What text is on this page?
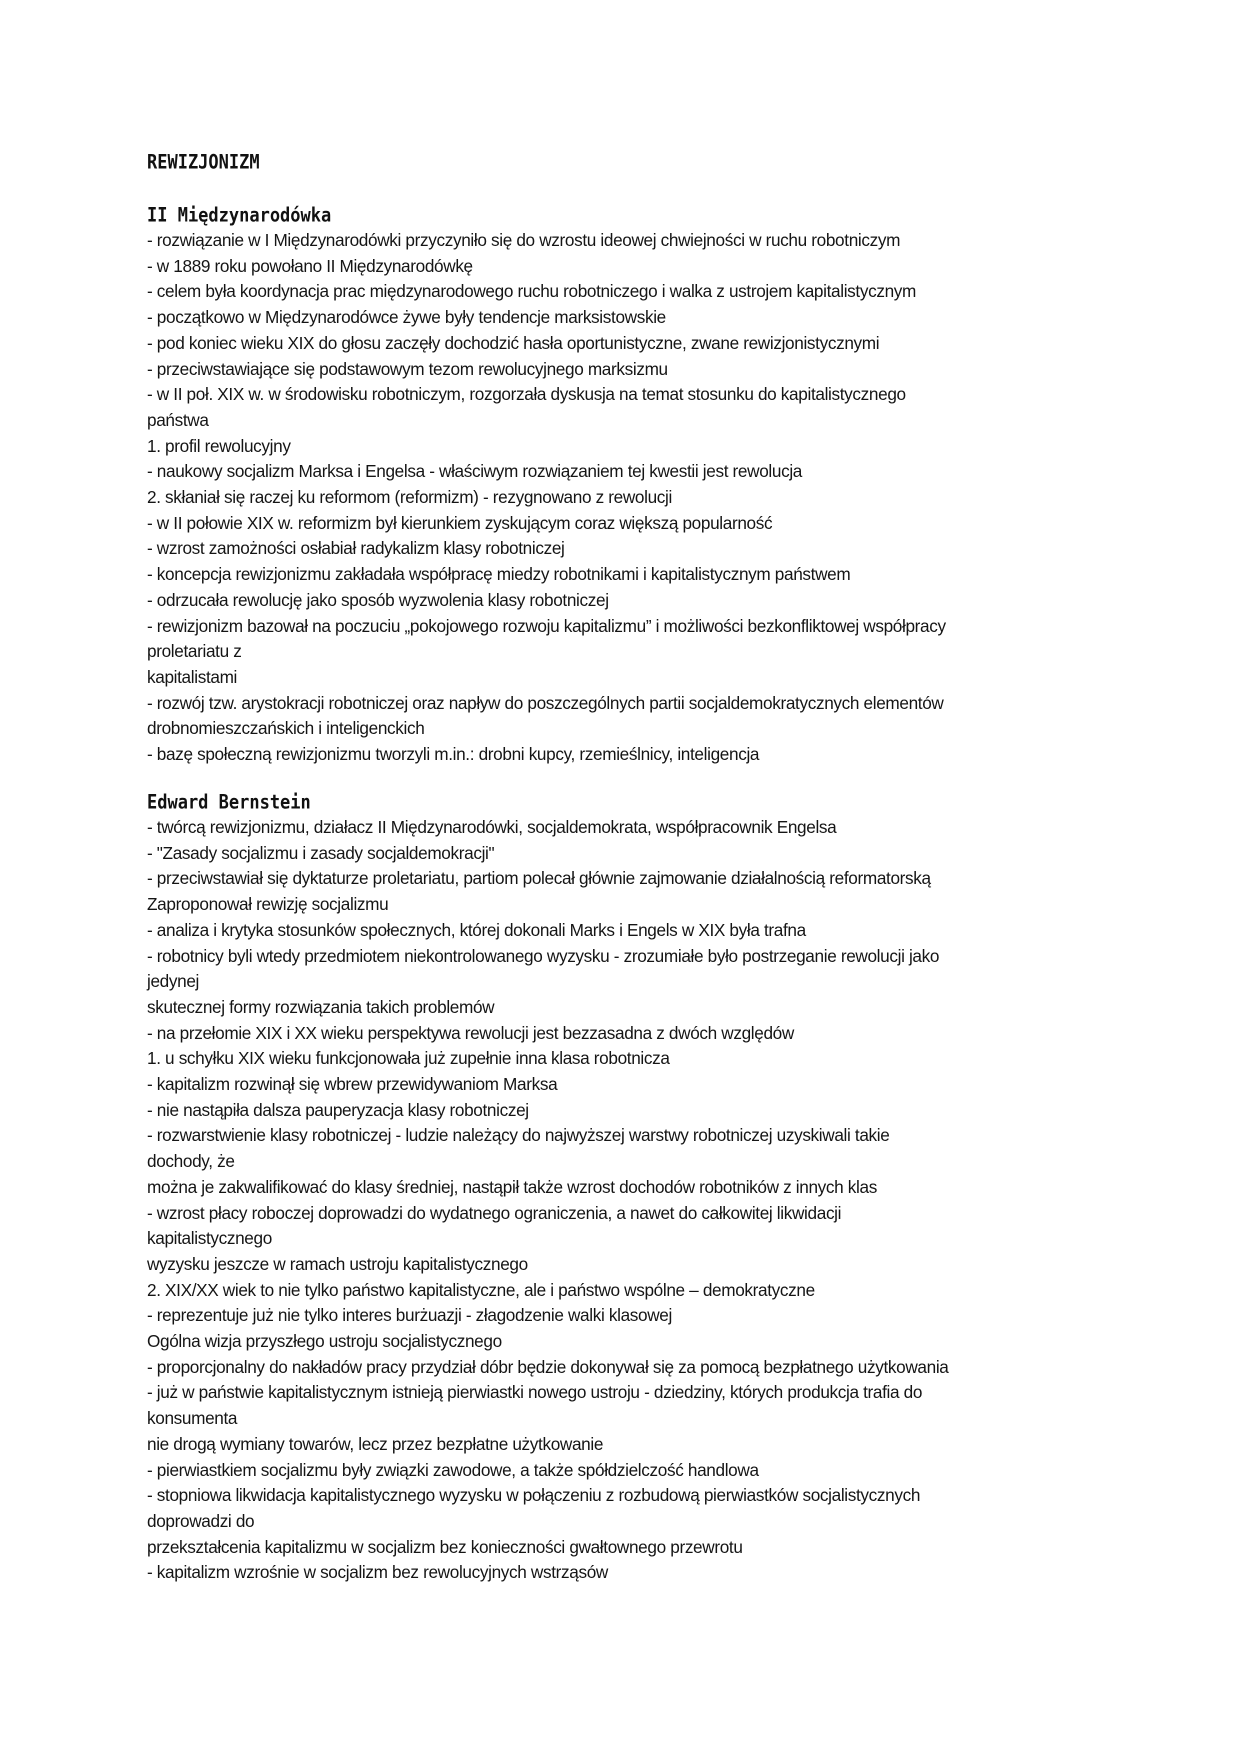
REWIZJONIZM
II Międzynarodówka
- rozwiązanie w I Międzynarodówki przyczyniło się do wzrostu ideowej chwiejności w ruchu robotniczym
- w 1889 roku powołano II Międzynarodówkę
- celem była koordynacja prac międzynarodowego ruchu robotniczego i walka z ustrojem kapitalistycznym
- początkowo w Międzynarodówce żywe były tendencje marksistowskie
- pod koniec wieku XIX do głosu zaczęły dochodzić hasła oportunistyczne, zwane rewizjonistycznymi
- przeciwstawiające się podstawowym tezom rewolucyjnego marksizmu
- w II poł. XIX w. w środowisku robotniczym, rozgorzała dyskusja na temat stosunku do kapitalistycznego
państwa
1. profil rewolucyjny
- naukowy socjalizm Marksa i Engelsa - właściwym rozwiązaniem tej kwestii jest rewolucja
2. skłaniał się raczej ku reformom (reformizm) - rezygnowano z rewolucji
- w II połowie XIX w. reformizm był kierunkiem zyskującym coraz większą popularność
- wzrost zamożności osłabiał radykalizm klasy robotniczej
- koncepcja rewizjonizmu zakładała współpracę miedzy robotnikami i kapitalistycznym państwem
- odrzucała rewolucję jako sposób wyzwolenia klasy robotniczej
- rewizjonizm bazował na poczuciu „pokojowego rozwoju kapitalizmu” i możliwości bezkonfliktowej współpracy
proletariatu z
kapitalistami
- rozwój tzw. arystokracji robotniczej oraz napływ do poszczególnych partii socjaldemokratycznych elementów
drobnomieszczańskich i inteligenckich
- bazę społeczną rewizjonizmu tworzyli m.in.: drobni kupcy, rzemieślnicy, inteligencja
Edward Bernstein
- twórcą rewizjonizmu, działacz II Międzynarodówki, socjaldemokrata, współpracownik Engelsa
- "Zasady socjalizmu i zasady socjaldemokracji"
- przeciwstawiał się dyktaturze proletariatu, partiom polecał głównie zajmowanie działalnością reformatorską
Zaproponował rewizję socjalizmu
- analiza i krytyka stosunków społecznych, której dokonali Marks i Engels w XIX była trafna
- robotnicy byli wtedy przedmiotem niekontrolowanego wyzysku - zrozumiałe było postrzeganie rewolucji jako
jedynej
skutecznej formy rozwiązania takich problemów
- na przełomie XIX i XX wieku perspektywa rewolucji jest bezzasadna z dwóch względów
1. u schyłku XIX wieku funkcjonowała już zupełnie inna klasa robotnicza
- kapitalizm rozwinął się wbrew przewidywaniom Marksa
- nie nastąpiła dalsza pauperyzacja klasy robotniczej
- rozwarstwienie klasy robotniczej - ludzie należący do najwyższej warstwy robotniczej uzyskiwali takie
dochody, że
można je zakwalifikować do klasy średniej, nastąpił także wzrost dochodów robotników z innych klas
- wzrost płacy roboczej doprowadzi do wydatnego ograniczenia, a nawet do całkowitej likwidacji
kapitalistycznego
wyzysku jeszcze w ramach ustroju kapitalistycznego
2. XIX/XX wiek to nie tylko państwo kapitalistyczne, ale i państwo wspólne – demokratyczne
- reprezentuje już nie tylko interes burżuazji - złagodzenie walki klasowej
Ogólna wizja przyszłego ustroju socjalistycznego
- proporcjonalny do nakładów pracy przydział dóbr będzie dokonywał się za pomocą bezpłatnego użytkowania
- już w państwie kapitalistycznym istnieją pierwiastki nowego ustroju - dziedziny, których produkcja trafia do
konsumenta
nie drogą wymiany towarów, lecz przez bezpłatne użytkowanie
- pierwiastkiem socjalizmu były związki zawodowe, a także spółdzielczość handlowa
- stopniowa likwidacja kapitalistycznego wyzysku w połączeniu z rozbudową pierwiastków socjalistycznych
doprowadzi do
przekształcenia kapitalizmu w socjalizm bez konieczności gwałtownego przewrotu
- kapitalizm wzrośnie w socjalizm bez rewolucyjnych wstrząsów
